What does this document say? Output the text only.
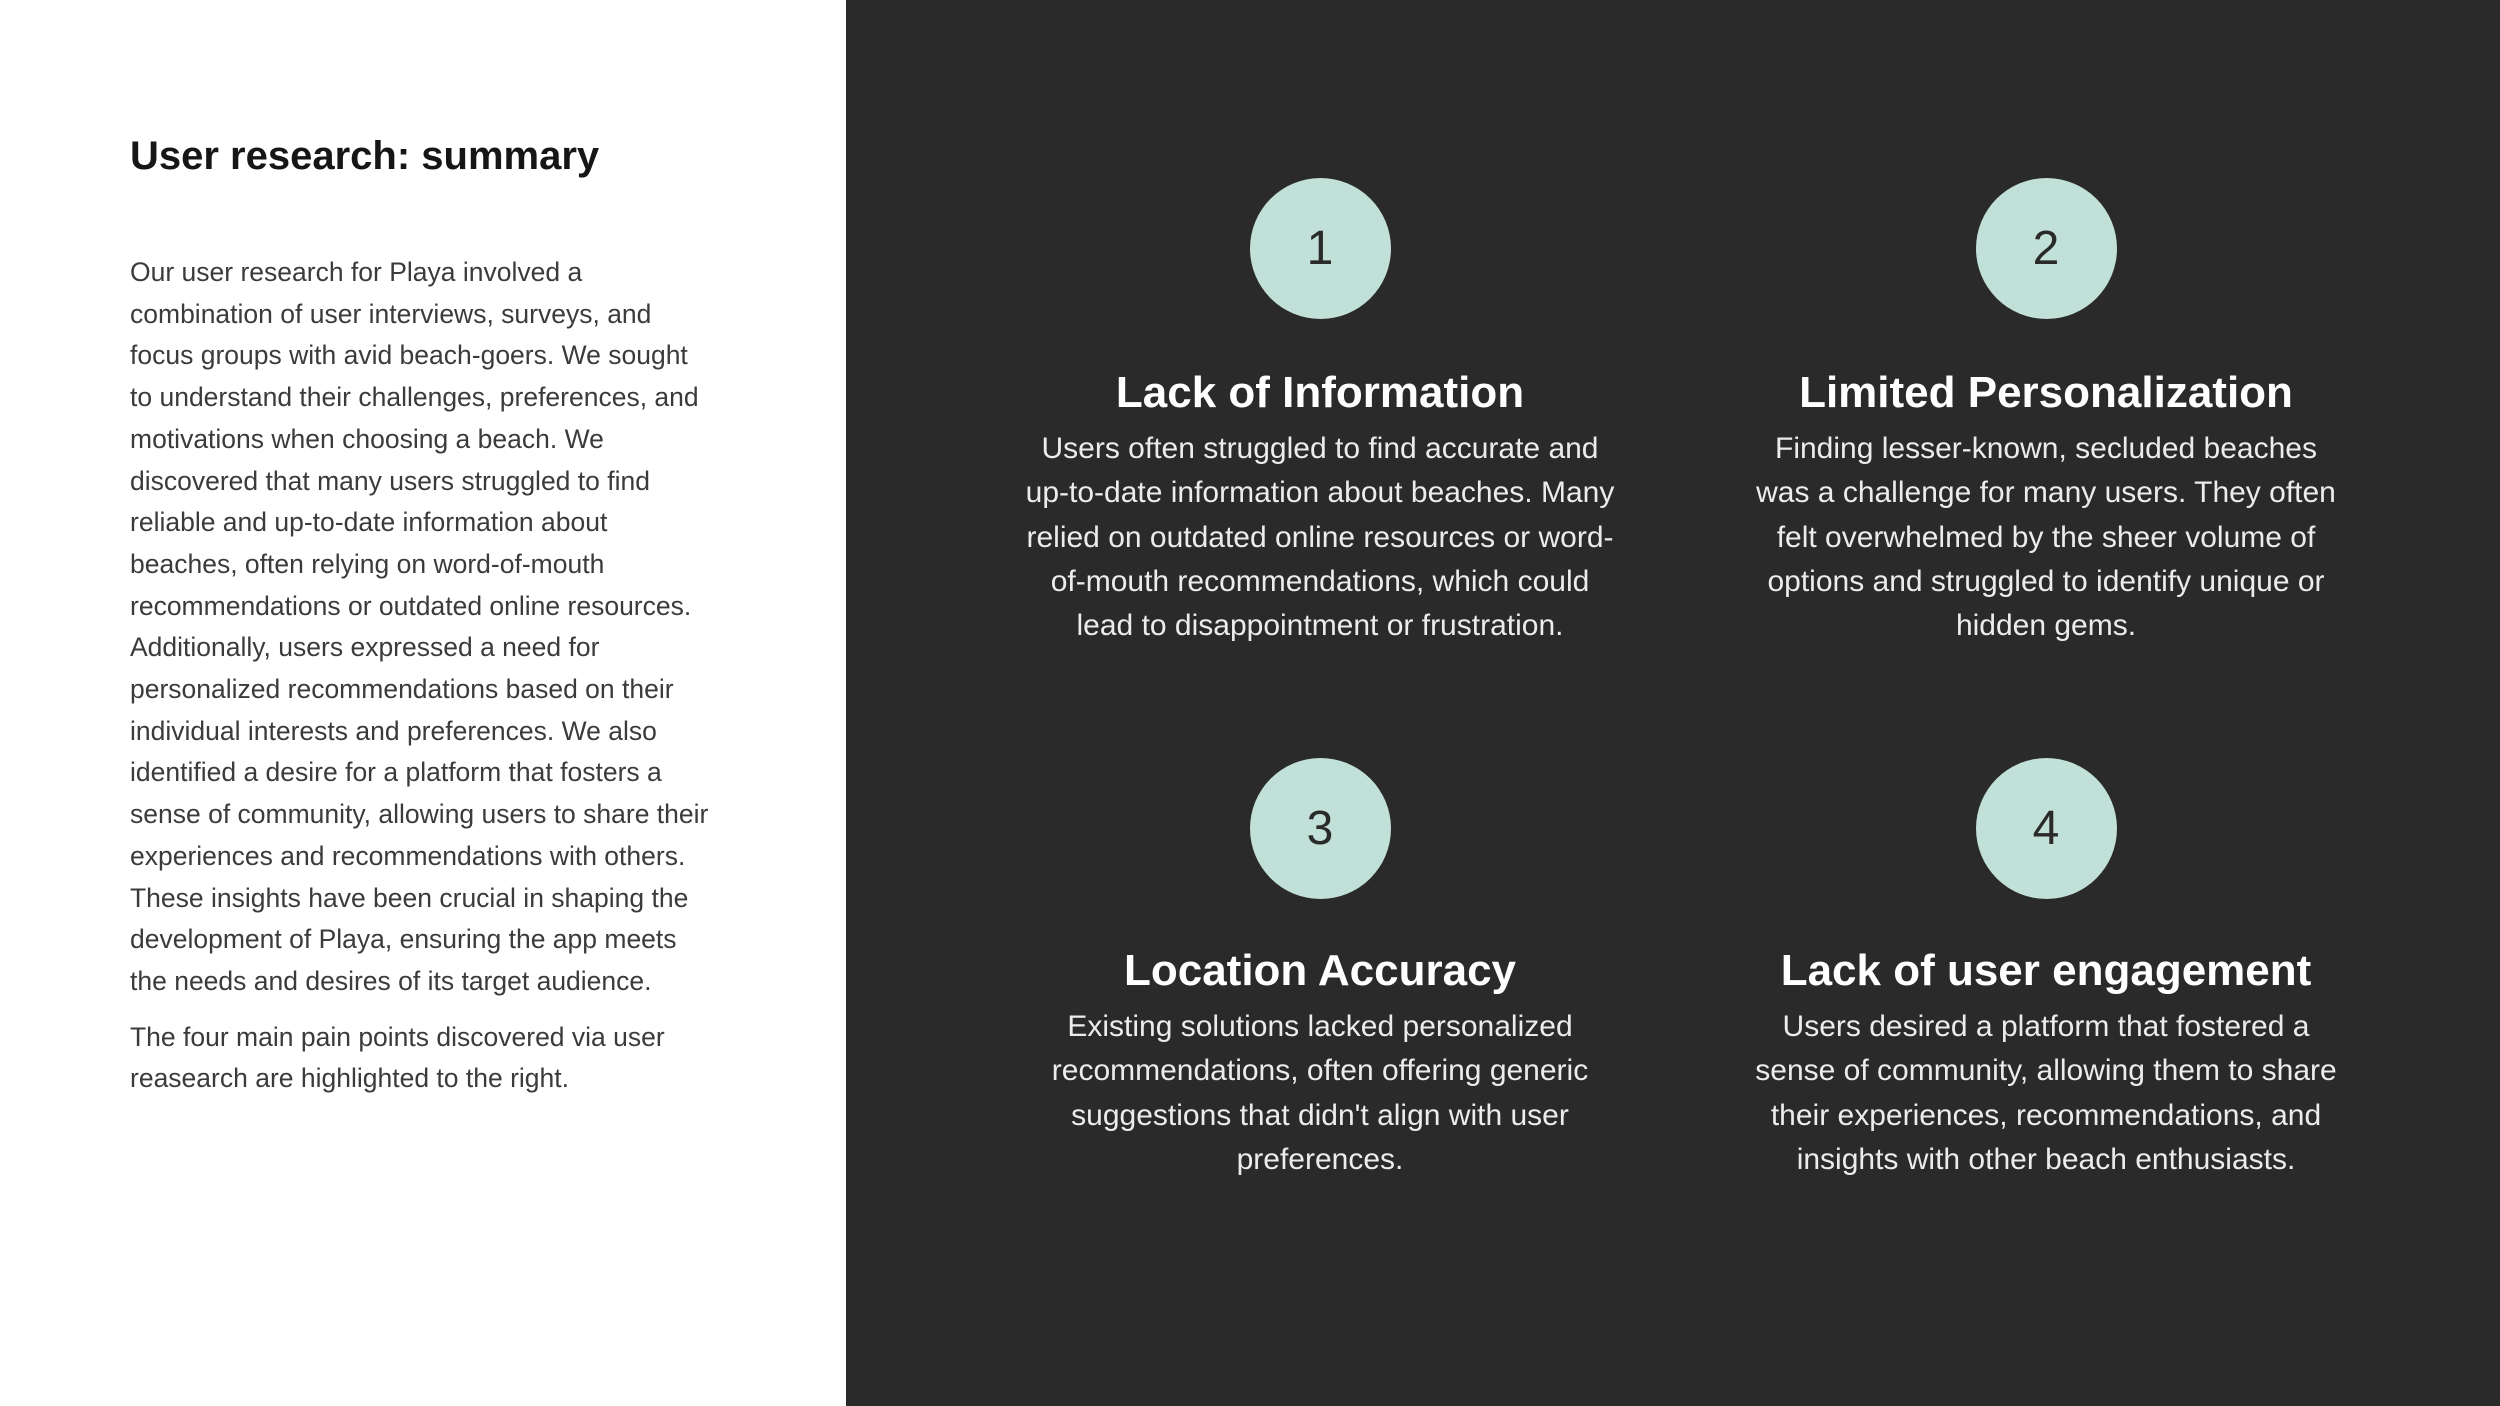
User research: summary

Our user research for Playa involved a combination of user interviews, surveys, and focus groups with avid beach-goers. We sought to understand their challenges, preferences, and motivations when choosing a beach. We discovered that many users struggled to find reliable and up-to-date information about beaches, often relying on word-of-mouth recommendations or outdated online resources. Additionally, users expressed a need for personalized recommendations based on their individual interests and preferences. We also identified a desire for a platform that fosters a sense of community, allowing users to share their experiences and recommendations with others. These insights have been crucial in shaping the development of Playa, ensuring the app meets the needs and desires of its target audience.

The four main pain points discovered via user reasearch are highlighted to the right.

1
Lack of Information
Users often struggled to find accurate and up-to-date information about beaches. Many relied on outdated online resources or word-of-mouth recommendations, which could lead to disappointment or frustration.
2
Limited Personalization
Finding lesser-known, secluded beaches was a challenge for many users. They often felt overwhelmed by the sheer volume of options and struggled to identify unique or hidden gems.
3
Location Accuracy
Existing solutions lacked personalized recommendations, often offering generic suggestions that didn't align with user preferences.
4
Lack of user engagement
Users desired a platform that fostered a sense of community, allowing them to share their experiences, recommendations, and insights with other beach enthusiasts.
